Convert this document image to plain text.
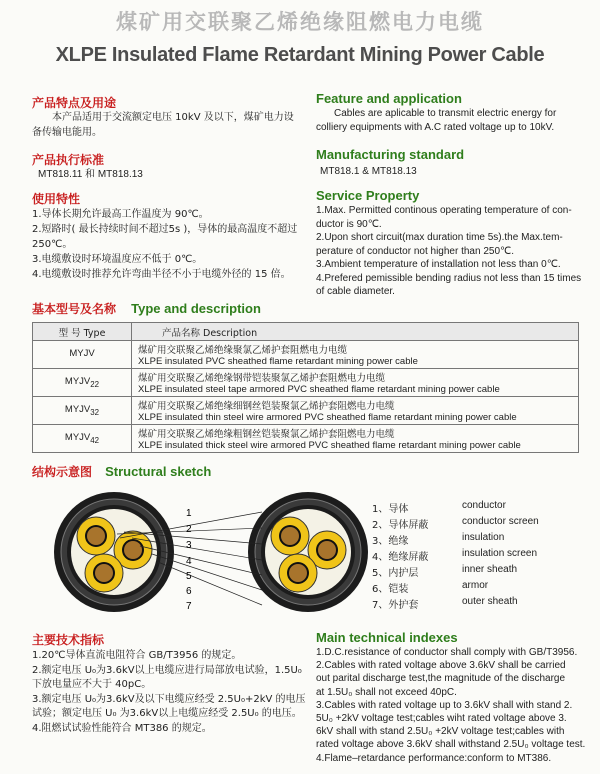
煤矿用交联聚乙烯绝缘阻燃电力电缆
XLPE Insulated Flame Retardant Mining Power Cable
产品特点及用途
本产品适用于交流额定电压 10kV 及以下，煤矿电力设
备传输电能用。
Feature and application
Cables are aplicable to transmit electric energy for
colliery equipments with A.C rated voltage up to 10kV.
产品执行标准
MT818.11 和 MT818.13
Manufacturing standard
MT818.1 & MT818.13
使用特性
1.导体长期允许最高工作温度为 90℃。
2.短路时( 最长持续时间不超过5s )，导体的最高温度不超过
250℃。
3.电缆敷设时环境温度应不低于 0℃。
4.电缆敷设时推荐允许弯曲半径不小于电缆外径的 15 倍。
Service Property
1.Max. Permitted continous operating temperature of con-
ductor is 90℃.
2.Upon short circuit(max duration time 5s).the Max.tem-
perature of conductor not higher than 250℃.
3.Ambient temperature of installation not less than 0℃.
4.Prefered pemissible bending radius not less than 15 times
of cable diameter.
基本型号及名称 Type and description
型 号 Type	产品名称 Description
MYJV	煤矿用交联聚乙烯绝缘聚氯乙烯护套阻燃电力电缆
XLPE insulated PVC sheathed flame retardant mining power cable

$MYJV_{22}$	煤矿用交联聚乙烯绝缘钢带铠装聚氯乙烯护套阻燃电力电缆
XLPE insulated steel tape armored PVC sheathed flame retardant mining power cable

$MYJV_{32}$	煤矿用交联聚乙烯绝缘细钢丝铠装聚氯乙烯护套阻燃电力电缆
XLPE insulated thin steel wire armored PVC sheathed flame retardant mining power cable

$MYJV_{42}$	煤矿用交联聚乙烯绝缘粗钢丝铠装聚氯乙烯护套阻燃电力电缆
XLPE insulated thick steel wire armored PVC sheathed flame retardant mining power cable
结构示意图 Structural sketch
1
2
3
4
5
6
7
1、导体	conductor
2、导体屏蔽	conductor screen
3、绝缘	insulation
4、绝缘屏蔽	insulation screen
5、内护层	inner sheath
6、铠装	armor
7、外护套	outer sheath
主要技术指标
1.20℃导体直流电阻符合 GB/T3956 的规定。
2.额定电压 U₀为3.6kV以上电缆应进行局部放电试验，1.5U₀
下放电量应不大于 40pC。
3.额定电压 U₀为3.6kV及以下电缆应经受 2.5U₀+2kV 的电压
试验；额定电压 U₀ 为3.6kV以上电缆应经受 2.5U₀ 的电压。
4.阻燃试试验性能符合 MT386 的规定。
Main technical indexes
1.D.C.resistance of conductor shall comply with GB/T3956.
2.Cables with rated voltage above 3.6kV shall be carried
out parital discharge test,the magnitude of the discharge
at 1.5U₀ shall not exceed 40pC.
3.Cables with rated voltage up to 3.6kV shall with stand 2.
5U₀ +2kV voltage test;cables wiht rated voltage above 3.
6kV shall with stand 2.5U₀ +2kV voltage test;cables with
rated voltage above 3.6kV shall withstand 2.5U₀ voltage test.
4.Flame–retardance performance:conform to MT386.
